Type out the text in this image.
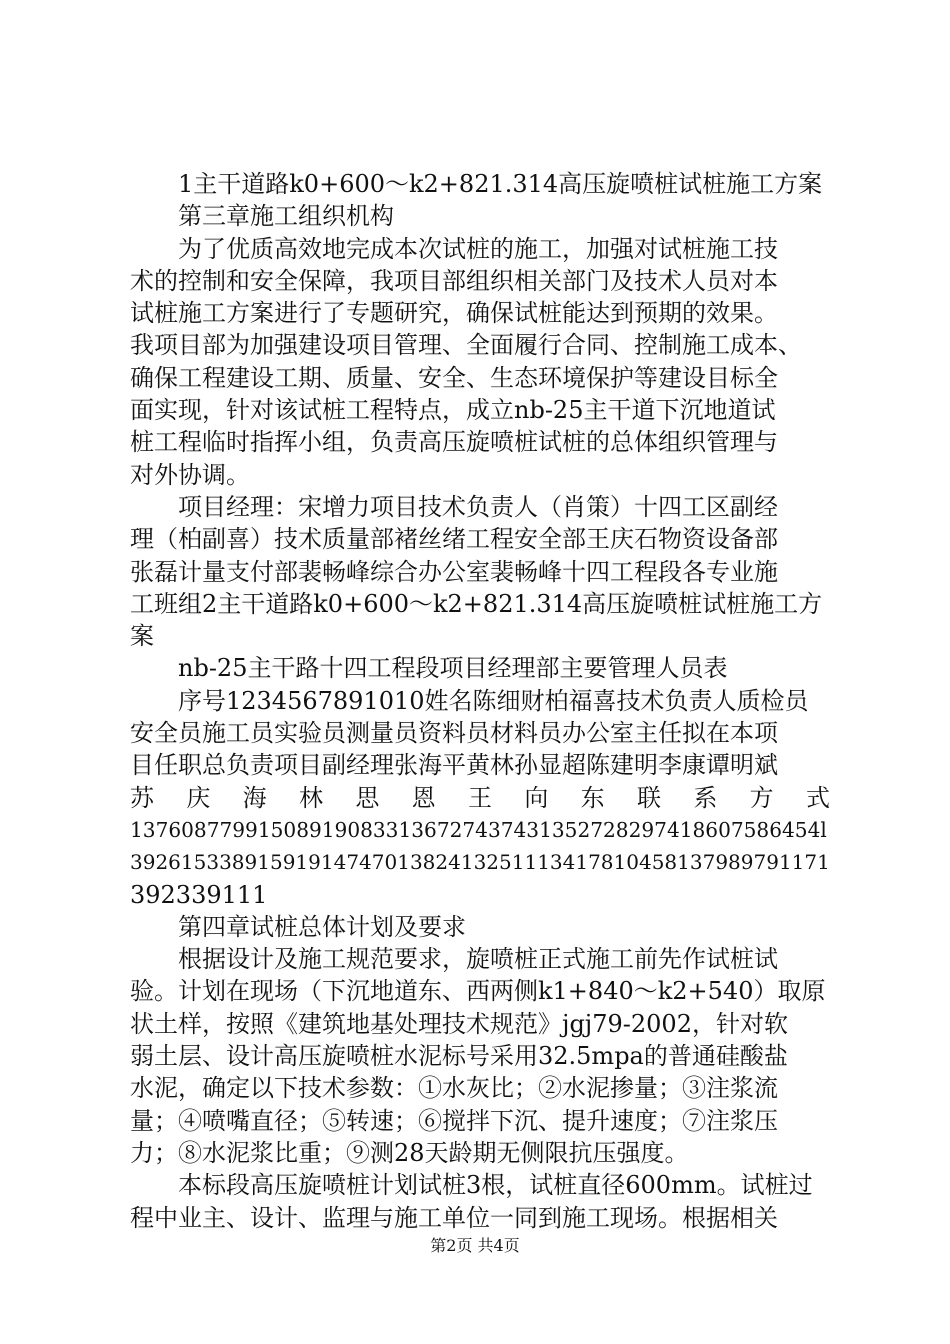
1主干道路k0+600～k2+821.314高压旋喷桩试桩施工方案
第三章施工组织机构
为了优质高效地完成本次试桩的施工，加强对试桩施工技
术的控制和安全保障，我项目部组织相关部门及技术人员对本
试桩施工方案进行了专题研究，确保试桩能达到预期的效果。
我项目部为加强建设项目管理、全面履行合同、控制施工成本、
确保工程建设工期、质量、安全、生态环境保护等建设目标全
面实现，针对该试桩工程特点，成立nb-25主干道下沉地道试
桩工程临时指挥小组，负责高压旋喷桩试桩的总体组织管理与
对外协调。
项目经理：宋增力项目技术负责人（肖策）十四工区副经
理（柏副喜）技术质量部褚丝绪工程安全部王庆石物资设备部
张磊计量支付部裴畅峰综合办公室裴畅峰十四工程段各专业施
工班组2主干道路k0+600～k2+821.314高压旋喷桩试桩施工方
案
nb-25主干路十四工程段项目经理部主要管理人员表
序号1234567891010姓名陈细财柏福喜技术负责人质检员
安全员施工员实验员测量员资料员材料员办公室主任拟在本项
目任职总负责项目副经理张海平黄林孙显超陈建明李康谭明斌
苏庆海林思恩王向东联系方式
137608779915089190833136727437431352728297418607586454l
3926153389159191474701382413251113417810458137989791171
392339111
第四章试桩总体计划及要求
根据设计及施工规范要求，旋喷桩正式施工前先作试桩试
验。计划在现场（下沉地道东、西两侧k1+840～k2+540）取原
状土样，按照《建筑地基处理技术规范》jgj79-2002，针对软
弱土层、设计高压旋喷桩水泥标号采用32.5mpa的普通硅酸盐
水泥，确定以下技术参数：①水灰比；②水泥掺量；③注浆流
量；④喷嘴直径；⑤转速；⑥搅拌下沉、提升速度；⑦注浆压
力；⑧水泥浆比重；⑨测28天龄期无侧限抗压强度。
本标段高压旋喷桩计划试桩3根，试桩直径600mm。试桩过
程中业主、设计、监理与施工单位一同到施工现场。根据相关
第2页 共4页
